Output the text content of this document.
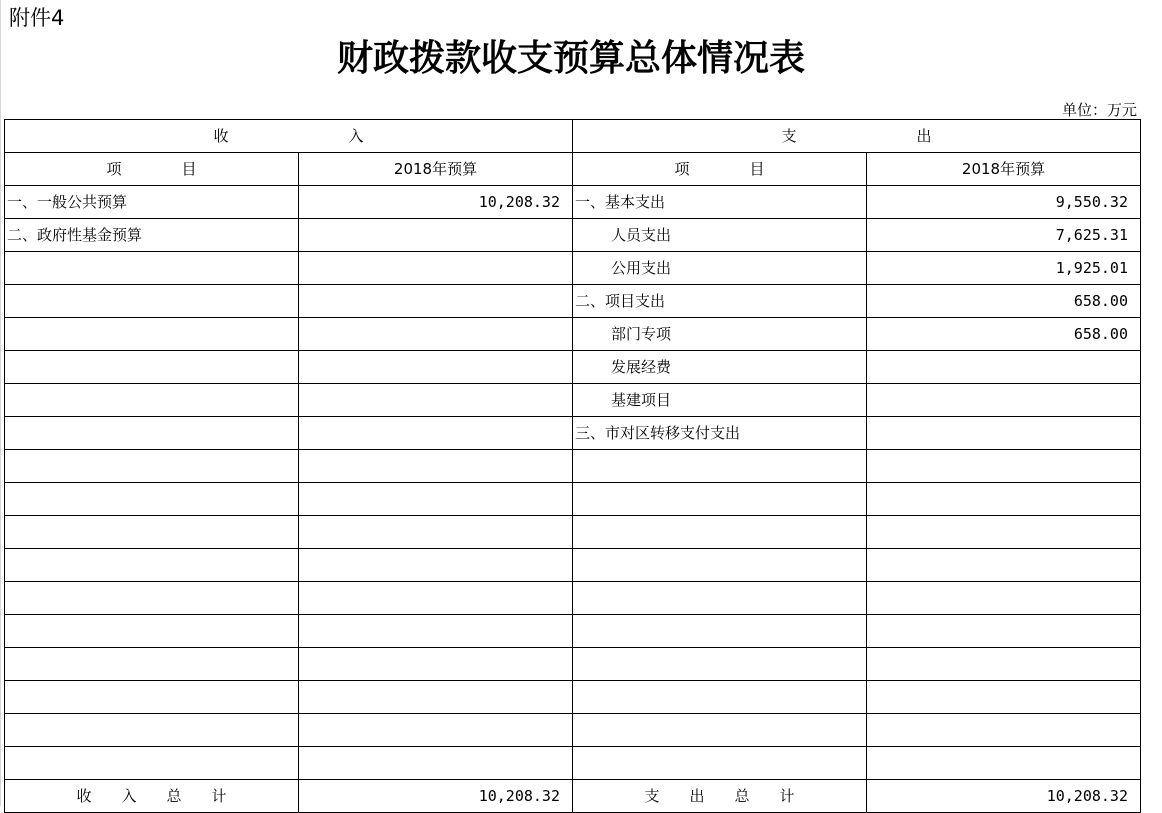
附件4
财政拨款收支预算总体情况表
单位：万元
收　　　　　　　　入		支　　　　　　　　出	
项　　　　目	2018年预算	项　　　　目	2018年预算
一、一般公共预算	10,208.32	一、基本支出	9,550.32
二、政府性基金预算		人员支出	7,625.31
		公用支出	1,925.01
		二、项目支出	658.00
		部门专项	658.00
		发展经费	
		基建项目	
		三、市对区转移支付支出	

收　　入　　总　　计	10,208.32	支　　出　　总　　计	10,208.32
